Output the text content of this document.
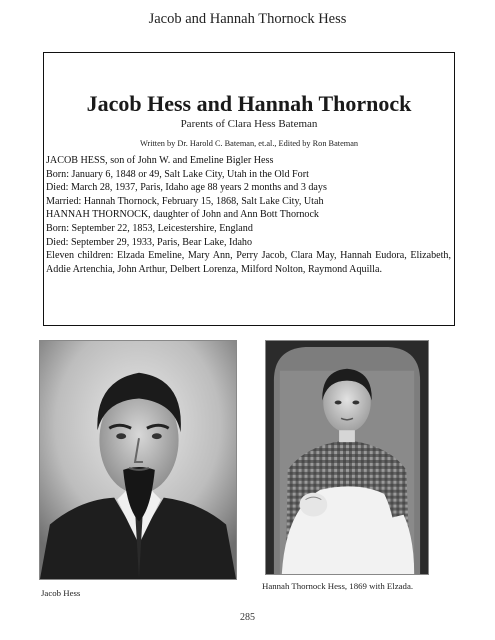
Jacob and Hannah Thornock Hess
Jacob Hess and Hannah Thornock
Parents of Clara Hess Bateman
Written by Dr. Harold C. Bateman, et.al., Edited by Ron Bateman
JACOB HESS, son of John W. and Emeline Bigler Hess
Born: January 6, 1848 or 49, Salt Lake City, Utah in the Old Fort
Died: March 28, 1937, Paris, Idaho age 88 years 2 months and 3 days
Married: Hannah Thornock, February 15, 1868, Salt Lake City, Utah
HANNAH THORNOCK, daughter of John and Ann Bott Thornock
Born: September 22, 1853, Leicestershire, England
Died: September 29, 1933, Paris, Bear Lake, Idaho
Eleven children: Elzada Emeline, Mary Ann, Perry Jacob, Clara May, Hannah Eudora, Elizabeth, Addie Artenchia, John Arthur, Delbert Lorenza, Milford Nolton, Raymond Aquilla.
Jacob Hess
Hannah Thornock Hess, 1869 with Elzada.
285
